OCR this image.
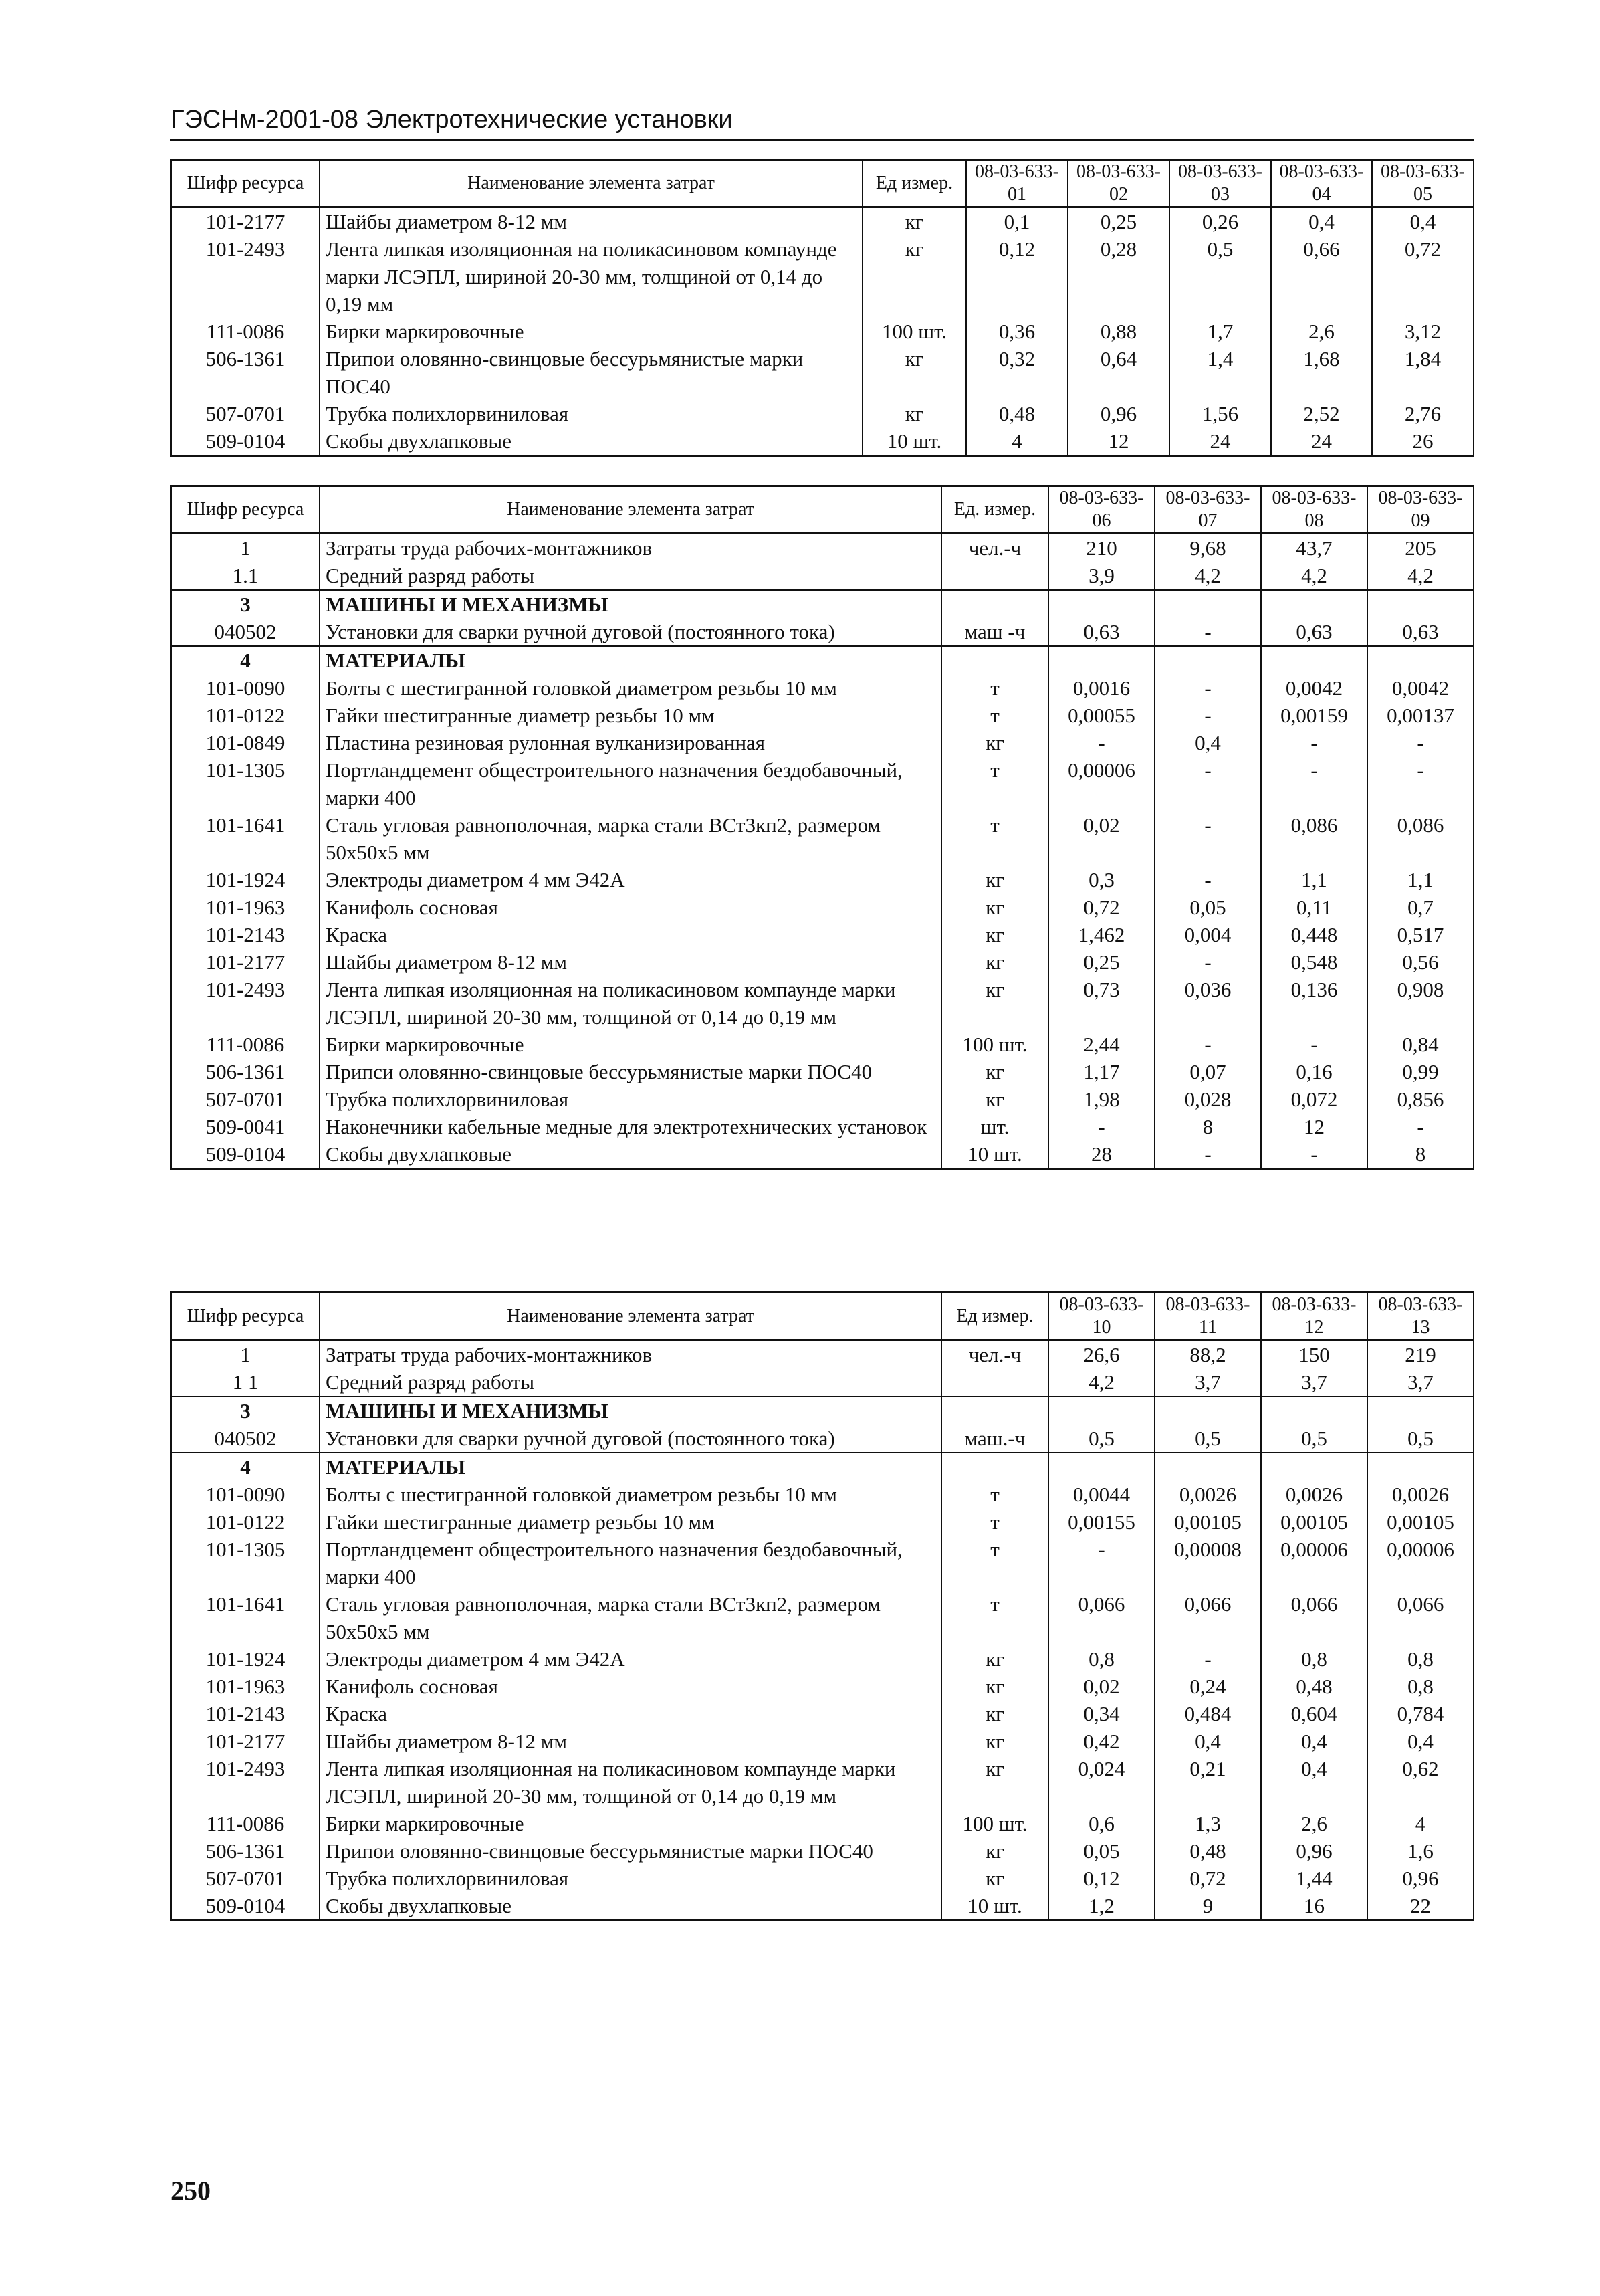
ГЭСНм-2001-08 Электротехнические установки
Шифр ресурса	Наименование элемента затрат	Ед измер.	08-03-633-01	08-03-633-02	08-03-633-03	08-03-633-04	08-03-633-05
101-2177	Шайбы диаметром 8-12 мм	кг	0,1	0,25	0,26	0,4	0,4
101-2493	Лента липкая изоляционная на поликасиновом компаунде марки ЛСЭПЛ, шириной 20-30 мм, толщиной от 0,14 до 0,19 мм	кг	0,12	0,28	0,5	0,66	0,72
111-0086	Бирки маркировочные	100 шт.	0,36	0,88	1,7	2,6	3,12
506-1361	Припои оловянно-свинцовые бессурьмянистые марки ПОС40	кг	0,32	0,64	1,4	1,68	1,84
507-0701	Трубка полихлорвиниловая	кг	0,48	0,96	1,56	2,52	2,76
509-0104	Скобы двухлапковые	10 шт.	4	12	24	24	26
Шифр ресурса	Наименование элемента затрат	Ед. измер.	08-03-633-06	08-03-633-07	08-03-633-08	08-03-633-09
1	Затраты труда рабочих-монтажников	чел.-ч	210	9,68	43,7	205
1.1	Средний разряд работы		3,9	4,2	4,2	4,2
3	МАШИНЫ И МЕХАНИЗМЫ					
040502	Установки для сварки ручной дуговой (постоянного тока)	маш -ч	0,63	-	0,63	0,63
4	МАТЕРИАЛЫ					
101-0090	Болты с шестигранной головкой диаметром резьбы 10 мм	т	0,0016	-	0,0042	0,0042
101-0122	Гайки шестигранные диаметр резьбы 10 мм	т	0,00055	-	0,00159	0,00137
101-0849	Пластина резиновая рулонная вулканизированная	кг	-	0,4	-	-
101-1305	Портландцемент общестроительного назначения бездобавочный, марки 400	т	0,00006	-	-	-
101-1641	Сталь угловая равнополочная, марка стали ВСт3кп2, размером 50х50х5 мм	т	0,02	-	0,086	0,086
101-1924	Электроды диаметром 4 мм Э42А	кг	0,3	-	1,1	1,1
101-1963	Канифоль сосновая	кг	0,72	0,05	0,11	0,7
101-2143	Краска	кг	1,462	0,004	0,448	0,517
101-2177	Шайбы диаметром 8-12 мм	кг	0,25	-	0,548	0,56
101-2493	Лента липкая изоляционная на поликасиновом компаунде марки ЛСЭПЛ, шириной 20-30 мм, толщиной от 0,14 до 0,19 мм	кг	0,73	0,036	0,136	0,908
111-0086	Бирки маркировочные	100 шт.	2,44	-	-	0,84
506-1361	Припси оловянно-свинцовые бессурьмянистые марки ПОС40	кг	1,17	0,07	0,16	0,99
507-0701	Трубка полихлорвиниловая	кг	1,98	0,028	0,072	0,856
509-0041	Наконечники кабельные медные для электротехнических установок	шт.	-	8	12	-
509-0104	Скобы двухлапковые	10 шт.	28	-	-	8
Шифр ресурса	Наименование элемента затрат	Ед измер.	08-03-633-10	08-03-633-11	08-03-633-12	08-03-633-13
1	Затраты труда рабочих-монтажников	чел.-ч	26,6	88,2	150	219
1 1	Средний разряд работы		4,2	3,7	3,7	3,7
3	МАШИНЫ И МЕХАНИЗМЫ					
040502	Установки для сварки ручной дуговой (постоянного тока)	маш.-ч	0,5	0,5	0,5	0,5
4	МАТЕРИАЛЫ					
101-0090	Болты с шестигранной головкой диаметром резьбы 10 мм	т	0,0044	0,0026	0,0026	0,0026
101-0122	Гайки шестигранные диаметр резьбы 10 мм	т	0,00155	0,00105	0,00105	0,00105
101-1305	Портландцемент общестроительного назначения бездобавочный, марки 400	т	-	0,00008	0,00006	0,00006
101-1641	Сталь угловая равнополочная, марка стали ВСт3кп2, размером 50х50х5 мм	т	0,066	0,066	0,066	0,066
101-1924	Электроды диаметром 4 мм Э42А	кг	0,8	-	0,8	0,8
101-1963	Канифоль сосновая	кг	0,02	0,24	0,48	0,8
101-2143	Краска	кг	0,34	0,484	0,604	0,784
101-2177	Шайбы диаметром 8-12 мм	кг	0,42	0,4	0,4	0,4
101-2493	Лента липкая изоляционная на поликасиновом компаунде марки ЛСЭПЛ, шириной 20-30 мм, толщиной от 0,14 до 0,19 мм	кг	0,024	0,21	0,4	0,62
111-0086	Бирки маркировочные	100 шт.	0,6	1,3	2,6	4
506-1361	Припои оловянно-свинцовые бессурьмянистые марки ПОС40	кг	0,05	0,48	0,96	1,6
507-0701	Трубка полихлорвиниловая	кг	0,12	0,72	1,44	0,96
509-0104	Скобы двухлапковые	10 шт.	1,2	9	16	22
250
